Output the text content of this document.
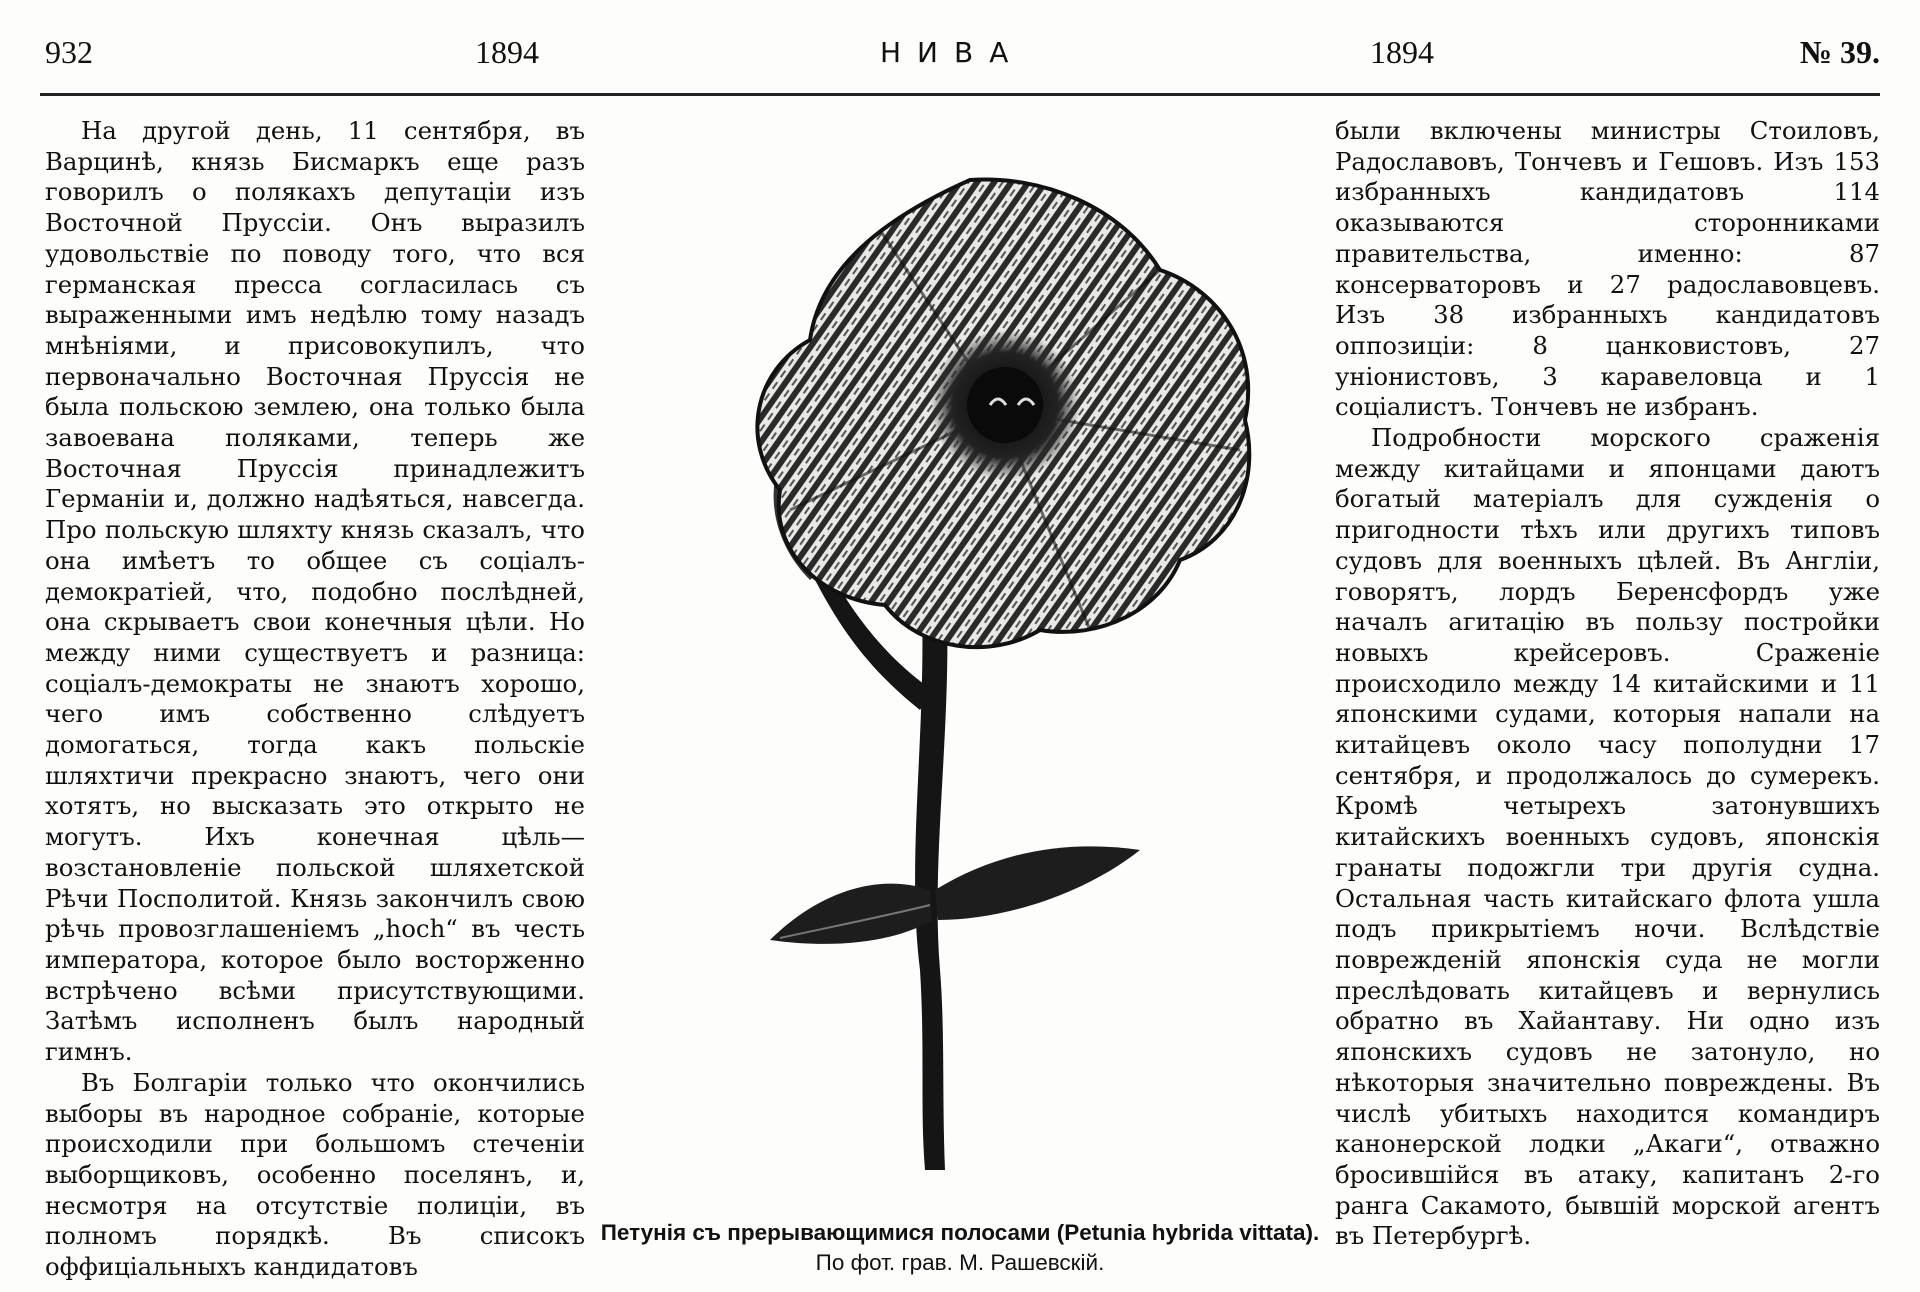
932	1894	НИВА	1894	№ 39.

На другой день, 11 сентября, въ Варцинѣ, князь Бисмаркъ еще разъ говорилъ о полякахъ депутаціи изъ Восточной Пруссіи. Онъ выразилъ удовольствіе по поводу того, что вся германская пресса согласилась съ выраженными имъ недѣлю тому назадъ мнѣніями, и присовокупилъ, что первоначально Восточная Пруссія не была польскою землею, она только была завоевана поляками, теперь же Восточная Пруссія принадлежитъ Германіи и, должно надѣяться, навсегда. Про польскую шляхту князь сказалъ, что она имѣетъ то общее съ соціалъ-демократіей, что, подобно послѣдней, она скрываетъ свои конечныя цѣли. Но между ними существуетъ и разница: соціалъ-демократы не знаютъ хорошо, чего имъ собственно слѣдуетъ домогаться, тогда какъ польскіе шляхтичи прекрасно знаютъ, чего они хотятъ, но высказать это открыто не могутъ. Ихъ конечная цѣль—возстановленіе польской шляхетской Рѣчи Посполитой. Князь закончилъ свою рѣчь провозглашеніемъ „hoch“ въ честь императора, которое было восторженно встрѣчено всѣми присутствующими. Затѣмъ исполненъ былъ народный гимнъ.

Въ Болгаріи только что окончились выборы въ народное собраніе, которые происходили при большомъ стеченіи выборщиковъ, особенно поселянъ, и, несмотря на отсутствіе полиціи, въ полномъ порядкѣ. Въ списокъ оффиціальныхъ кандидатовъ

Петунія съ прерывающимися полосами (Petunia hybrida vittata). По фот. грав. М. Рашевскій.

были включены министры Стоиловъ, Радославовъ, Тончевъ и Гешовъ. Изъ 153 избранныхъ кандидатовъ 114 оказываются сторонниками правительства, именно: 87 консерваторовъ и 27 радославовцевъ. Изъ 38 избранныхъ кандидатовъ оппозиціи: 8 цанковистовъ, 27 уніонистовъ, 3 каравеловца и 1 соціалистъ. Тончевъ не избранъ.

Подробности морского сраженія между китайцами и японцами даютъ богатый матеріалъ для сужденія о пригодности тѣхъ или другихъ типовъ судовъ для военныхъ цѣлей. Въ Англіи, говорятъ, лордъ Беренсфордъ уже началъ агитацію въ пользу постройки новыхъ крейсеровъ. Сраженіе происходило между 14 китайскими и 11 японскими судами, которыя напали на китайцевъ около часу пополудни 17 сентября, и продолжалось до сумерекъ. Кромѣ четырехъ затонувшихъ китайскихъ военныхъ судовъ, японскія гранаты подожгли три другія судна. Остальная часть китайскаго флота ушла подъ прикрытіемъ ночи. Вслѣдствіе поврежденій японскія суда не могли преслѣдовать китайцевъ и вернулись обратно въ Хайантаву. Ни одно изъ японскихъ судовъ не затонуло, но нѣкоторыя значительно повреждены. Въ числѣ убитыхъ находится командиръ канонерской лодки „Акаги“, отважно бросившійся въ атаку, капитанъ 2-го ранга Сакамото, бывшій морской агентъ въ Петербургѣ.
